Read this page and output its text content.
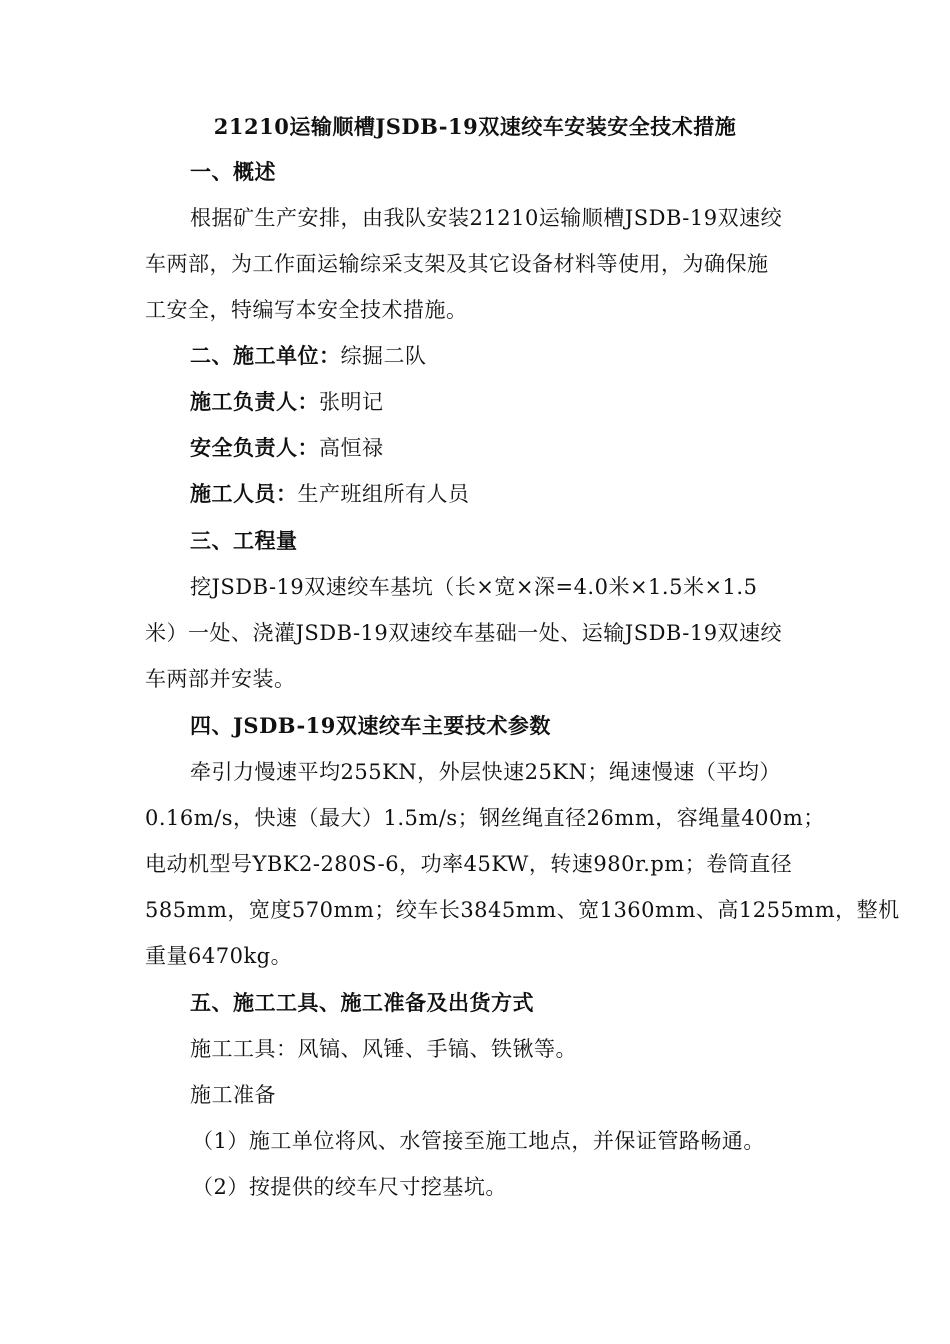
21210运输顺槽JSDB-19双速绞车安装安全技术措施
一、概述
根据矿生产安排，由我队安装21210运输顺槽JSDB-19双速绞
车两部，为工作面运输综采支架及其它设备材料等使用，为确保施
工安全，特编写本安全技术措施。
二、施工单位：综掘二队
施工负责人：张明记
安全负责人：高恒禄
施工人员：生产班组所有人员
三、工程量
挖JSDB-19双速绞车基坑（长×宽×深=4.0米×1.5米×1.5
米）一处、浇灌JSDB-19双速绞车基础一处、运输JSDB-19双速绞
车两部并安装。
四、JSDB-19双速绞车主要技术参数
牵引力慢速平均255KN，外层快速25KN；绳速慢速（平均）
0.16m/s，快速（最大）1.5m/s；钢丝绳直径26mm，容绳量400m；
电动机型号YBK2-280S-6，功率45KW，转速980r.pm；卷筒直径
585mm，宽度570mm；绞车长3845mm、宽1360mm、高1255mm，整机
重量6470kg。
五、施工工具、施工准备及出货方式
施工工具：风镐、风锤、手镐、铁锹等。
施工准备
（1）施工单位将风、水管接至施工地点，并保证管路畅通。
（2）按提供的绞车尺寸挖基坑。
